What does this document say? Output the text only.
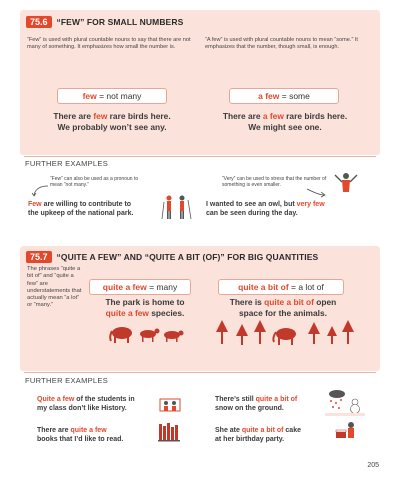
75.6	“FEW” FOR SMALL NUMBERS
“Few” is used with plural countable nouns to say that there are not many of something. It emphasizes how small the number is.
“A few” is used with plural countable nouns to mean “some.” It emphasizes that the number, though small, is enough.
few = not many	a few = some
There are few rare birds here.
We probably won’t see any.
There are a few rare birds here.
We might see one.
FURTHER EXAMPLES
“Few” can also be used as a pronoun to mean “not many.”
“Very” can be used to stress that the number of something is even smaller.
Few are willing to contribute to
the upkeep of the national park.
I wanted to see an owl, but very few
can be seen during the day.
75.7	“QUITE A FEW” AND “QUITE A BIT (OF)” FOR BIG QUANTITIES
The phrases “quite a bit of” and “quite a few” are understatements that actually mean “a lot” or “many.”
quite a few = many	quite a bit of = a lot of
The park is home to
quite a few species.
There is quite a bit of open
space for the animals.
FURTHER EXAMPLES
Quite a few of the students in
my class don’t like History.
There are quite a few
books that I’d like to read.
There’s still quite a bit of
snow on the ground.
She ate quite a bit of cake
at her birthday party.
205
